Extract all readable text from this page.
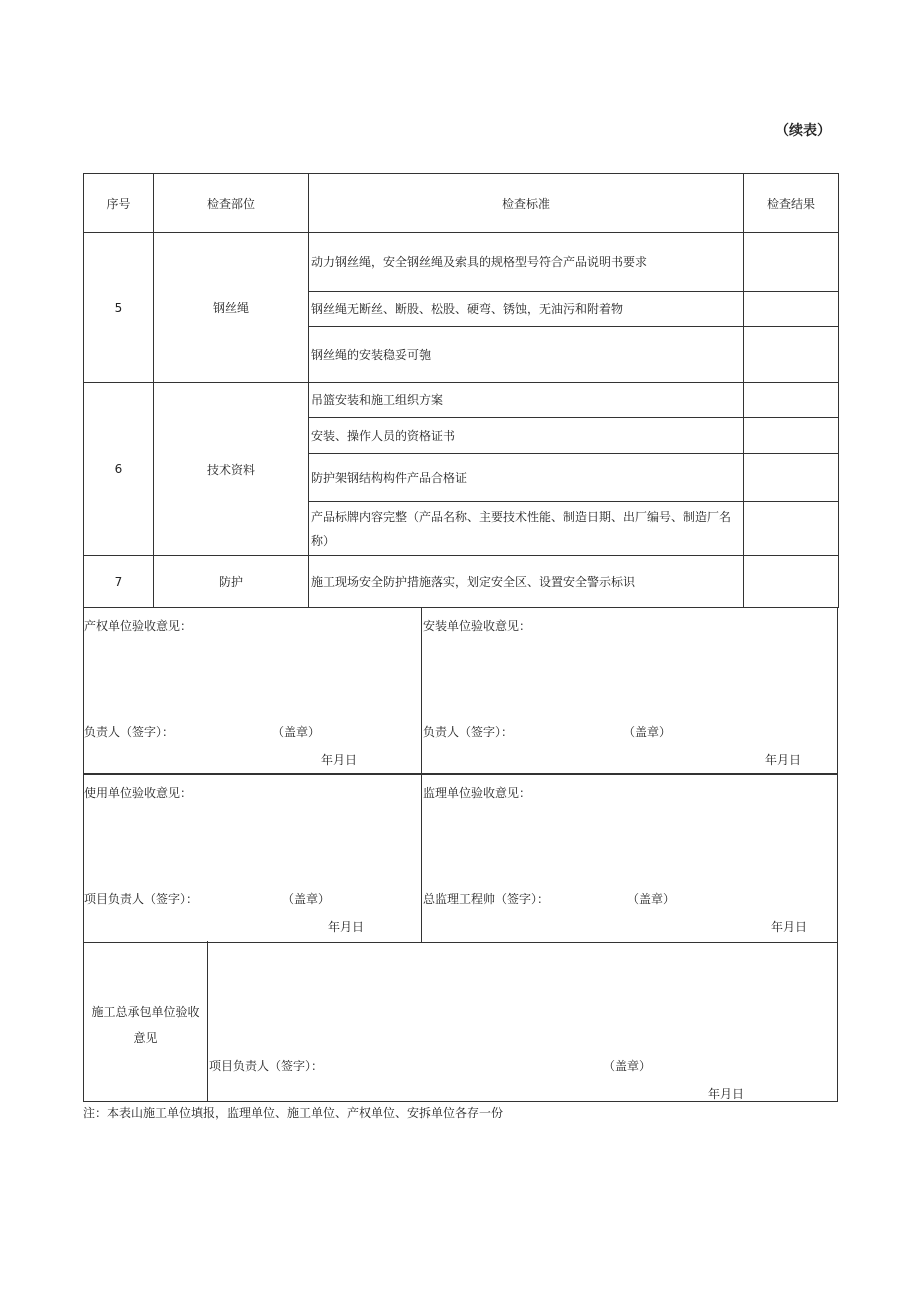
（续表）
序号	检查部位	检查标准	检查结果
5	钢丝绳	动力钢丝绳，安全钢丝绳及索具的规格型号符合产品说明书要求	
		钢丝绳无断丝、断股、松股、硬弯、锈蚀，无油污和附着物	
		钢丝绳的安装稳妥可匏	
6	技术资料	吊篮安装和施工组织方案	
		安装、操作人员的资格证书	
		防护架钢结构构件产品合格证	
		产品标牌内容完整（产品名称、主要技术性能、制造日期、出厂编号、制造厂名称）	
7	防护	施工现场安全防护措施落实，划定安全区、设置安全警示标识	
产权单位验收意见：
负责人（签字）：	（盖章）
年月日
安装单位验收意见：
负责人（签字）：	（盖章）
年月日
使用单位验收意见：
项目负责人（签字）：	（盖章）
年月日
监理单位验收意见：
总监理工程帅（签字）：	（盖章）
年月日
施工总承包单位验收意见
项目负责人（签字）：	（盖章）
年月日
注：本表山施工单位填报，监理单位、施工单位、产权单位、安拆单位各存一份
